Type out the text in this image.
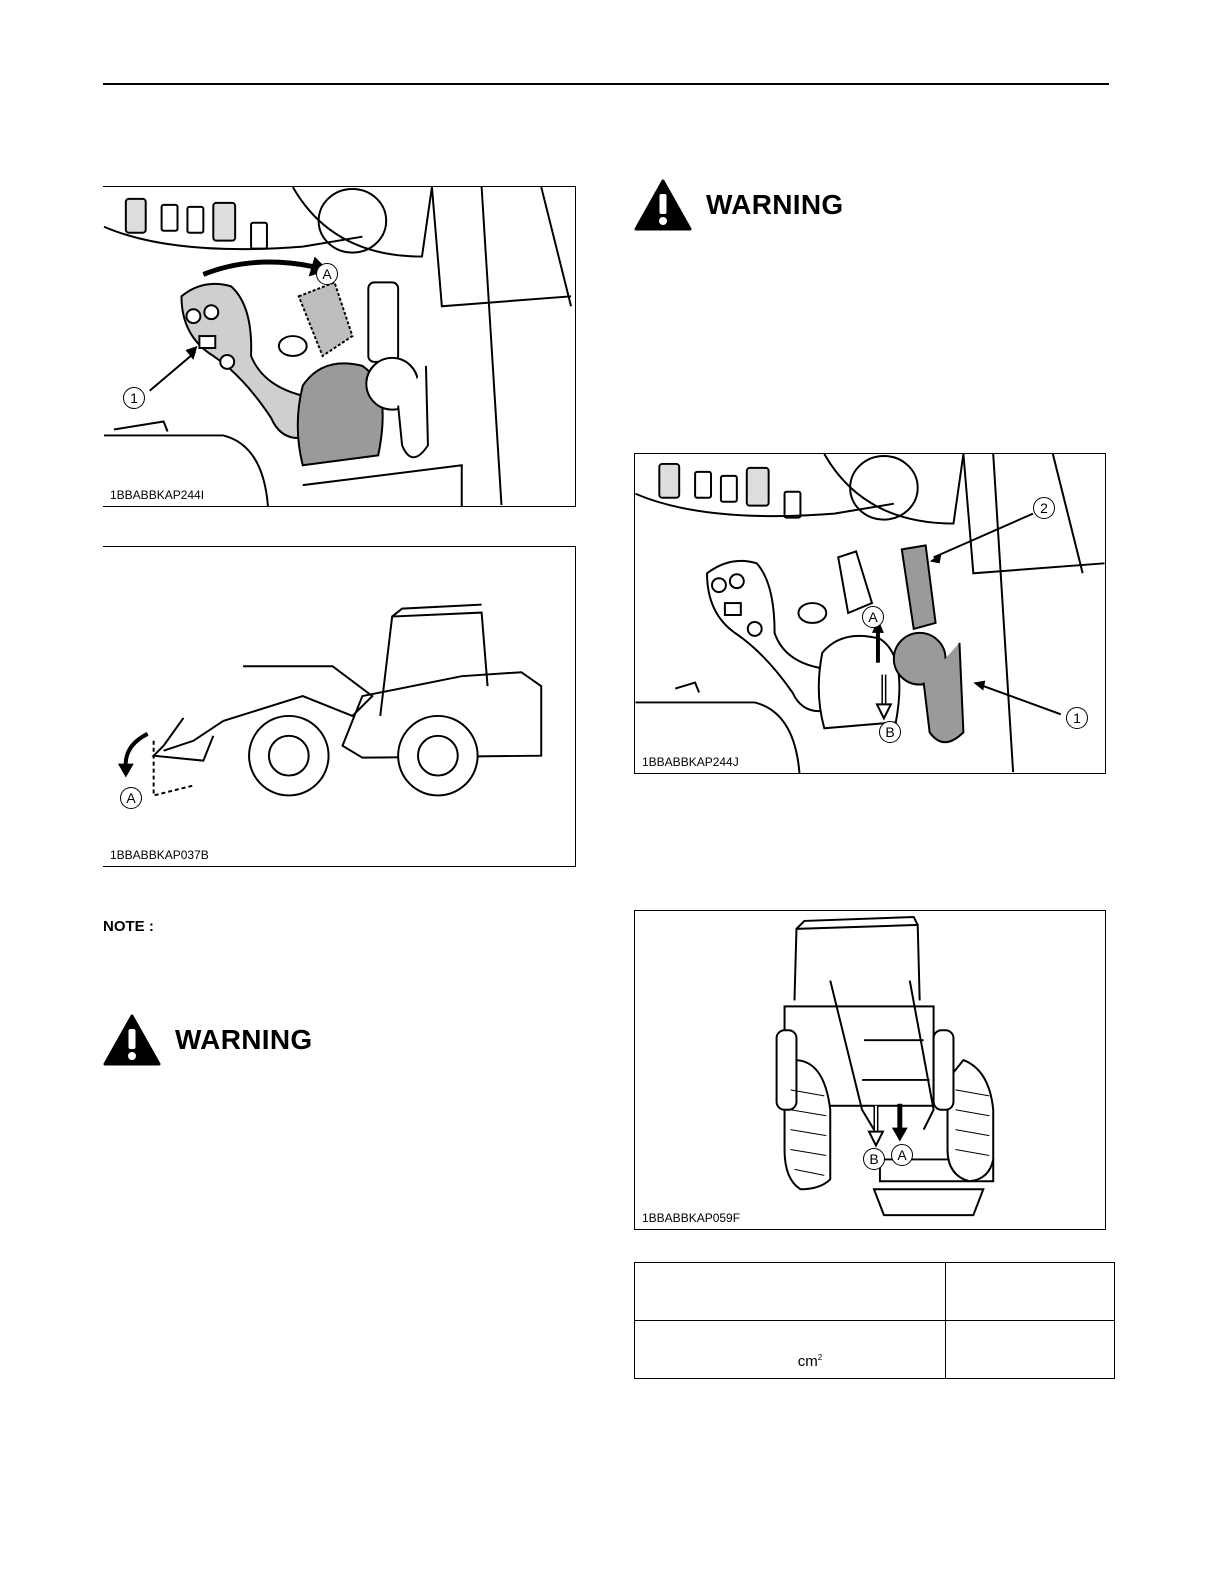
A
1
1BBABBKAP244I
A
1BBABBKAP037B
NOTE :
WARNING
WARNING
2
A
B
1
1BBABBKAP244J
B	A
1BBABBKAP059F

$cm^2$
